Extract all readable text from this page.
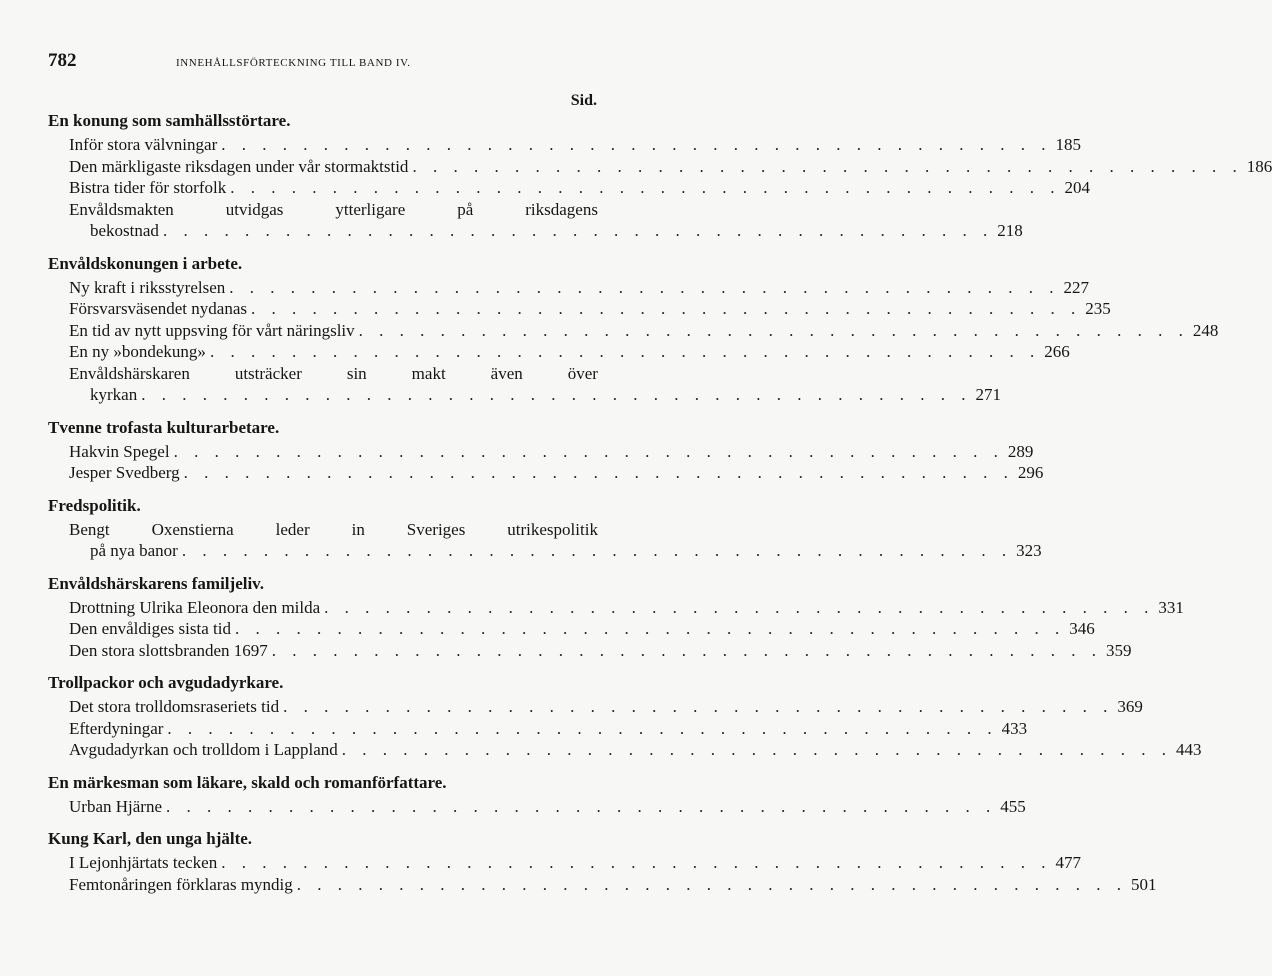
782	INNEHÅLLSFÖRTECKNING TILL BAND IV.
Sid.
En konung som samhällsstörtare.
Inför stora välvningar . . . . . . . . . . . . . . . . . . . . . . . . . . . . . . . . . . . . . . . . . 185
Den märkligaste riksdagen under vår stormaktstid . . . . . . . . . . . . . . . . . . . . . . . . . . . . . . . . . . . . . . . . . 186
Bistra tider för storfolk . . . . . . . . . . . . . . . . . . . . . . . . . . . . . . . . . . . . . . . . . 204
Envåldsmakten	utvidgas	ytterligare	på	riksdagens
bekostnad . . . . . . . . . . . . . . . . . . . . . . . . . . . . . . . . . . . . . . . . . 218
Envåldskonungen i arbete.
Ny kraft i riksstyrelsen . . . . . . . . . . . . . . . . . . . . . . . . . . . . . . . . . . . . . . . . . 227
Försvarsväsendet nydanas . . . . . . . . . . . . . . . . . . . . . . . . . . . . . . . . . . . . . . . . . 235
En tid av nytt uppsving för vårt näringsliv . . . . . . . . . . . . . . . . . . . . . . . . . . . . . . . . . . . . . . . . . 248
En ny »bondekung» . . . . . . . . . . . . . . . . . . . . . . . . . . . . . . . . . . . . . . . . . 266
Envåldshärskaren	utsträcker	sin	makt	även	över
kyrkan . . . . . . . . . . . . . . . . . . . . . . . . . . . . . . . . . . . . . . . . . 271
Tvenne trofasta kulturarbetare.
Hakvin Spegel . . . . . . . . . . . . . . . . . . . . . . . . . . . . . . . . . . . . . . . . . 289
Jesper Svedberg . . . . . . . . . . . . . . . . . . . . . . . . . . . . . . . . . . . . . . . . . 296
Fredspolitik.
Bengt Oxenstierna leder in Sveriges utrikespolitik
på nya banor . . . . . . . . . . . . . . . . . . . . . . . . . . . . . . . . . . . . . . . . . 323
Envåldshärskarens familjeliv.
Drottning Ulrika Eleonora den milda . . . . . . . . . . . . . . . . . . . . . . . . . . . . . . . . . . . . . . . . . 331
Den envåldiges sista tid . . . . . . . . . . . . . . . . . . . . . . . . . . . . . . . . . . . . . . . . . 346
Den stora slottsbranden 1697 . . . . . . . . . . . . . . . . . . . . . . . . . . . . . . . . . . . . . . . . . 359
Trollpackor och avgudadyrkare.
Det stora trolldomsraseriets tid . . . . . . . . . . . . . . . . . . . . . . . . . . . . . . . . . . . . . . . . . 369
Efterdyningar . . . . . . . . . . . . . . . . . . . . . . . . . . . . . . . . . . . . . . . . . 433
Avgudadyrkan och trolldom i Lappland . . . . . . . . . . . . . . . . . . . . . . . . . . . . . . . . . . . . . . . . . 443
En märkesman som läkare, skald och romanförfattare.
Urban Hjärne . . . . . . . . . . . . . . . . . . . . . . . . . . . . . . . . . . . . . . . . . 455
Kung Karl, den unga hjälte.
I Lejonhjärtats tecken . . . . . . . . . . . . . . . . . . . . . . . . . . . . . . . . . . . . . . . . . 477
Femtonåringen förklaras myndig . . . . . . . . . . . . . . . . . . . . . . . . . . . . . . . . . . . . . . . . . 501
